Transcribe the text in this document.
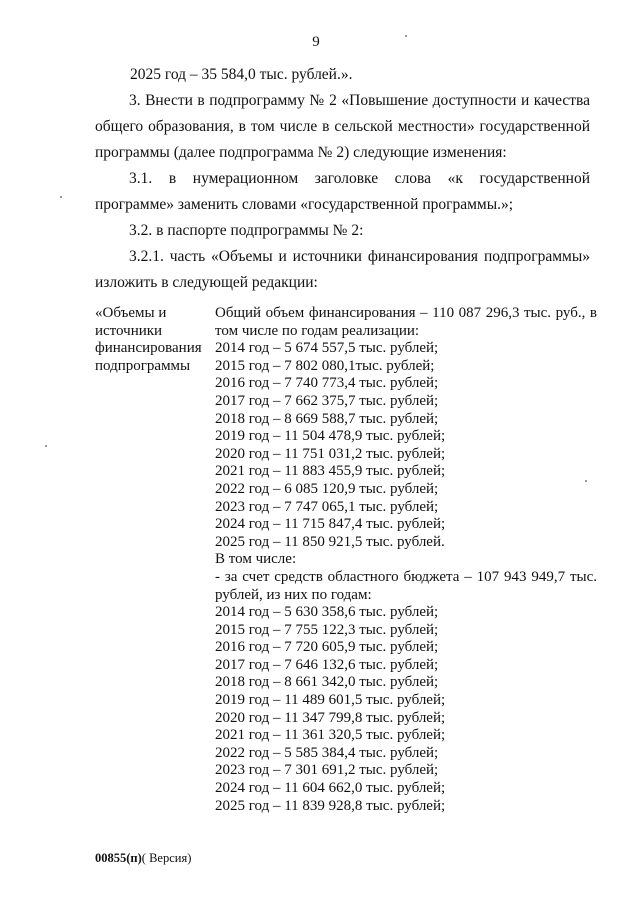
9
2025 год – 35 584,0 тыс. рублей.».

3. Внести в подпрограмму № 2 «Повышение доступности и качества общего образования, в том числе в сельской местности» государственной программы (далее подпрограмма № 2) следующие изменения:

3.1. в нумерационном заголовке слова «к государственной программе» заменить словами «государственной программы.»;

3.2. в паспорте подпрограммы № 2:

3.2.1. часть «Объемы и источники финансирования подпрограммы» изложить в следующей редакции:

«Объемы и
источники
финансирования
подпрограммы
Общий объем финансирования – 110 087 296,3 тыс. руб., в том числе по годам реализации:
2014 год – 5 674 557,5 тыс. рублей;
2015 год – 7 802 080,1тыс. рублей;
2016 год – 7 740 773,4 тыс. рублей;
2017 год – 7 662 375,7 тыс. рублей;
2018 год – 8 669 588,7 тыс. рублей;
2019 год – 11 504 478,9 тыс. рублей;
2020 год – 11 751 031,2 тыс. рублей;
2021 год – 11 883 455,9 тыс. рублей;
2022 год – 6 085 120,9 тыс. рублей;
2023 год – 7 747 065,1 тыс. рублей;
2024 год – 11 715 847,4 тыс. рублей;
2025 год – 11 850 921,5 тыс. рублей.
В том числе:
- за счет средств областного бюджета – 107 943 949,7 тыс. рублей, из них по годам:
2014 год – 5 630 358,6 тыс. рублей;
2015 год – 7 755 122,3 тыс. рублей;
2016 год – 7 720 605,9 тыс. рублей;
2017 год – 7 646 132,6 тыс. рублей;
2018 год – 8 661 342,0 тыс. рублей;
2019 год – 11 489 601,5 тыс. рублей;
2020 год – 11 347 799,8 тыс. рублей;
2021 год – 11 361 320,5 тыс. рублей;
2022 год – 5 585 384,4 тыс. рублей;
2023 год – 7 301 691,2 тыс. рублей;
2024 год – 11 604 662,0 тыс. рублей;
2025 год – 11 839 928,8 тыс. рублей;
00855(п)( Версия)
